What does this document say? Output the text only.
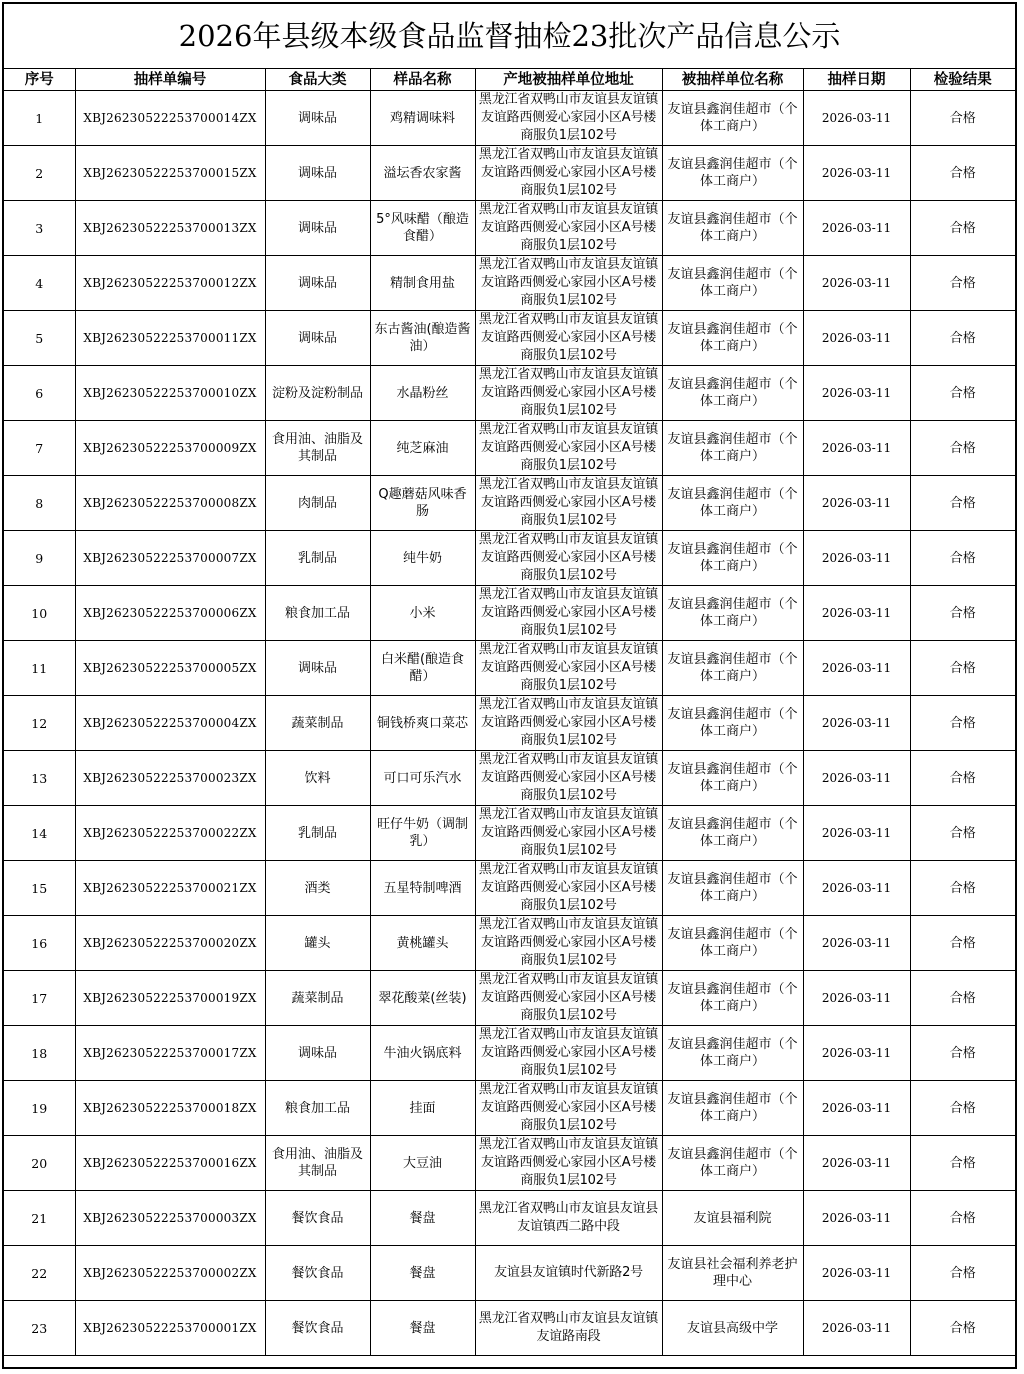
2026年县级本级食品监督抽检23批次产品信息公示
序号	抽样单编号	食品大类	样品名称	产地被抽样单位地址	被抽样单位名称	抽样日期	检验结果
1	XBJ26230522253700014ZX	调味品	鸡精调味料	黑龙江省双鸭山市友谊县友谊镇友谊路西侧爱心家园小区A号楼商服负1层102号	友谊县鑫润佳超市（个体工商户）	2026-03-11	合格
2	XBJ26230522253700015ZX	调味品	溢坛香农家酱	黑龙江省双鸭山市友谊县友谊镇友谊路西侧爱心家园小区A号楼商服负1层102号	友谊县鑫润佳超市（个体工商户）	2026-03-11	合格
3	XBJ26230522253700013ZX	调味品	5°风味醋（酿造食醋）	黑龙江省双鸭山市友谊县友谊镇友谊路西侧爱心家园小区A号楼商服负1层102号	友谊县鑫润佳超市（个体工商户）	2026-03-11	合格
4	XBJ26230522253700012ZX	调味品	精制食用盐	黑龙江省双鸭山市友谊县友谊镇友谊路西侧爱心家园小区A号楼商服负1层102号	友谊县鑫润佳超市（个体工商户）	2026-03-11	合格
5	XBJ26230522253700011ZX	调味品	东古酱油(酿造酱油）	黑龙江省双鸭山市友谊县友谊镇友谊路西侧爱心家园小区A号楼商服负1层102号	友谊县鑫润佳超市（个体工商户）	2026-03-11	合格
6	XBJ26230522253700010ZX	淀粉及淀粉制品	水晶粉丝	黑龙江省双鸭山市友谊县友谊镇友谊路西侧爱心家园小区A号楼商服负1层102号	友谊县鑫润佳超市（个体工商户）	2026-03-11	合格
7	XBJ26230522253700009ZX	食用油、油脂及其制品	纯芝麻油	黑龙江省双鸭山市友谊县友谊镇友谊路西侧爱心家园小区A号楼商服负1层102号	友谊县鑫润佳超市（个体工商户）	2026-03-11	合格
8	XBJ26230522253700008ZX	肉制品	Q趣蘑菇风味香肠	黑龙江省双鸭山市友谊县友谊镇友谊路西侧爱心家园小区A号楼商服负1层102号	友谊县鑫润佳超市（个体工商户）	2026-03-11	合格
9	XBJ26230522253700007ZX	乳制品	纯牛奶	黑龙江省双鸭山市友谊县友谊镇友谊路西侧爱心家园小区A号楼商服负1层102号	友谊县鑫润佳超市（个体工商户）	2026-03-11	合格
10	XBJ26230522253700006ZX	粮食加工品	小米	黑龙江省双鸭山市友谊县友谊镇友谊路西侧爱心家园小区A号楼商服负1层102号	友谊县鑫润佳超市（个体工商户）	2026-03-11	合格
11	XBJ26230522253700005ZX	调味品	白米醋(酿造食醋）	黑龙江省双鸭山市友谊县友谊镇友谊路西侧爱心家园小区A号楼商服负1层102号	友谊县鑫润佳超市（个体工商户）	2026-03-11	合格
12	XBJ26230522253700004ZX	蔬菜制品	铜钱桥爽口菜芯	黑龙江省双鸭山市友谊县友谊镇友谊路西侧爱心家园小区A号楼商服负1层102号	友谊县鑫润佳超市（个体工商户）	2026-03-11	合格
13	XBJ26230522253700023ZX	饮料	可口可乐汽水	黑龙江省双鸭山市友谊县友谊镇友谊路西侧爱心家园小区A号楼商服负1层102号	友谊县鑫润佳超市（个体工商户）	2026-03-11	合格
14	XBJ26230522253700022ZX	乳制品	旺仔牛奶（调制乳）	黑龙江省双鸭山市友谊县友谊镇友谊路西侧爱心家园小区A号楼商服负1层102号	友谊县鑫润佳超市（个体工商户）	2026-03-11	合格
15	XBJ26230522253700021ZX	酒类	五星特制啤酒	黑龙江省双鸭山市友谊县友谊镇友谊路西侧爱心家园小区A号楼商服负1层102号	友谊县鑫润佳超市（个体工商户）	2026-03-11	合格
16	XBJ26230522253700020ZX	罐头	黄桃罐头	黑龙江省双鸭山市友谊县友谊镇友谊路西侧爱心家园小区A号楼商服负1层102号	友谊县鑫润佳超市（个体工商户）	2026-03-11	合格
17	XBJ26230522253700019ZX	蔬菜制品	翠花酸菜(丝装)	黑龙江省双鸭山市友谊县友谊镇友谊路西侧爱心家园小区A号楼商服负1层102号	友谊县鑫润佳超市（个体工商户）	2026-03-11	合格
18	XBJ26230522253700017ZX	调味品	牛油火锅底料	黑龙江省双鸭山市友谊县友谊镇友谊路西侧爱心家园小区A号楼商服负1层102号	友谊县鑫润佳超市（个体工商户）	2026-03-11	合格
19	XBJ26230522253700018ZX	粮食加工品	挂面	黑龙江省双鸭山市友谊县友谊镇友谊路西侧爱心家园小区A号楼商服负1层102号	友谊县鑫润佳超市（个体工商户）	2026-03-11	合格
20	XBJ26230522253700016ZX	食用油、油脂及其制品	大豆油	黑龙江省双鸭山市友谊县友谊镇友谊路西侧爱心家园小区A号楼商服负1层102号	友谊县鑫润佳超市（个体工商户）	2026-03-11	合格
21	XBJ26230522253700003ZX	餐饮食品	餐盘	黑龙江省双鸭山市友谊县友谊县友谊镇西二路中段	友谊县福利院	2026-03-11	合格
22	XBJ26230522253700002ZX	餐饮食品	餐盘	友谊县友谊镇时代新路2号	友谊县社会福利养老护理中心	2026-03-11	合格
23	XBJ26230522253700001ZX	餐饮食品	餐盘	黑龙江省双鸭山市友谊县友谊镇友谊路南段	友谊县高级中学	2026-03-11	合格
